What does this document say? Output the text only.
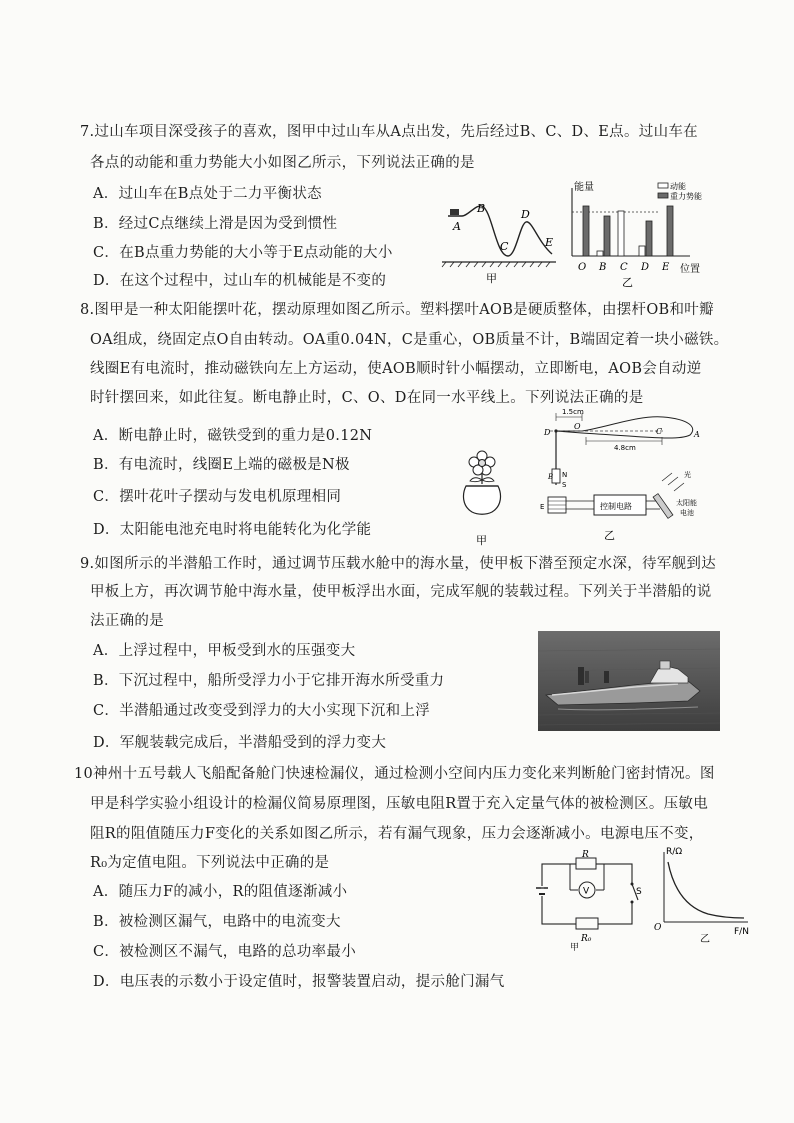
7.过山车项目深受孩子的喜欢，图甲中过山车从A点出发，先后经过B、C、D、E点。过山车在
各点的动能和重力势能大小如图乙所示，下列说法正确的是
A．过山车在B点处于二力平衡状态
B．经过C点继续上滑是因为受到惯性
C．在B点重力势能的大小等于E点动能的大小
D．在这个过程中，过山车的机械能是不变的
A
B
C
D
E
甲
能量
位置
动能
重力势能
O B C D E
乙
8.图甲是一种太阳能摆叶花，摆动原理如图乙所示。塑料摆叶AOB是硬质整体，由摆杆OB和叶瓣
OA组成，绕固定点O自由转动。OA重0.04N，C是重心，OB质量不计，B端固定着一块小磁铁。
线圈E有电流时，推动磁铁向左上方运动，使AOB顺时针小幅摆动，立即断电，AOB会自动逆
时针摆回来，如此往复。断电静止时，C、O、D在同一水平线上。下列说法正确的是
A．断电静止时，磁铁受到的重力是0.12N
B．有电流时，线圈E上端的磁极是N极
C．摆叶花叶子摆动与发电机原理相同
D．太阳能电池充电时将电能转化为化学能
甲
1.5cm
D
O
C	A
4.8cm
N
S
B
E	控制电路
光
太阳能
电池
乙
9.如图所示的半潜船工作时，通过调节压载水舱中的海水量，使甲板下潜至预定水深，待军舰到达
甲板上方，再次调节舱中海水量，使甲板浮出水面，完成军舰的装载过程。下列关于半潜船的说
法正确的是
A．上浮过程中，甲板受到水的压强变大
B．下沉过程中，船所受浮力小于它排开海水所受重力
C．半潜船通过改变受到浮力的大小实现下沉和上浮
D．军舰装载完成后，半潜船受到的浮力变大
10神州十五号载人飞船配备舱门快速检漏仪，通过检测小空间内压力变化来判断舱门密封情况。图
甲是科学实验小组设计的检漏仪简易原理图，压敏电阻R置于充入定量气体的被检测区。压敏电
阻R的阻值随压力F变化的关系如图乙所示，若有漏气现象，压力会逐渐减小。电源电压不变，
R₀为定值电阻。下列说法中正确的是
A．随压力F的减小，R的阻值逐渐减小
B．被检测区漏气，电路中的电流变大
C．被检测区不漏气，电路的总功率最小
D．电压表的示数小于设定值时，报警装置启动，提示舱门漏气
R
V
R₀
S
甲
R/Ω
F/N
O
乙
